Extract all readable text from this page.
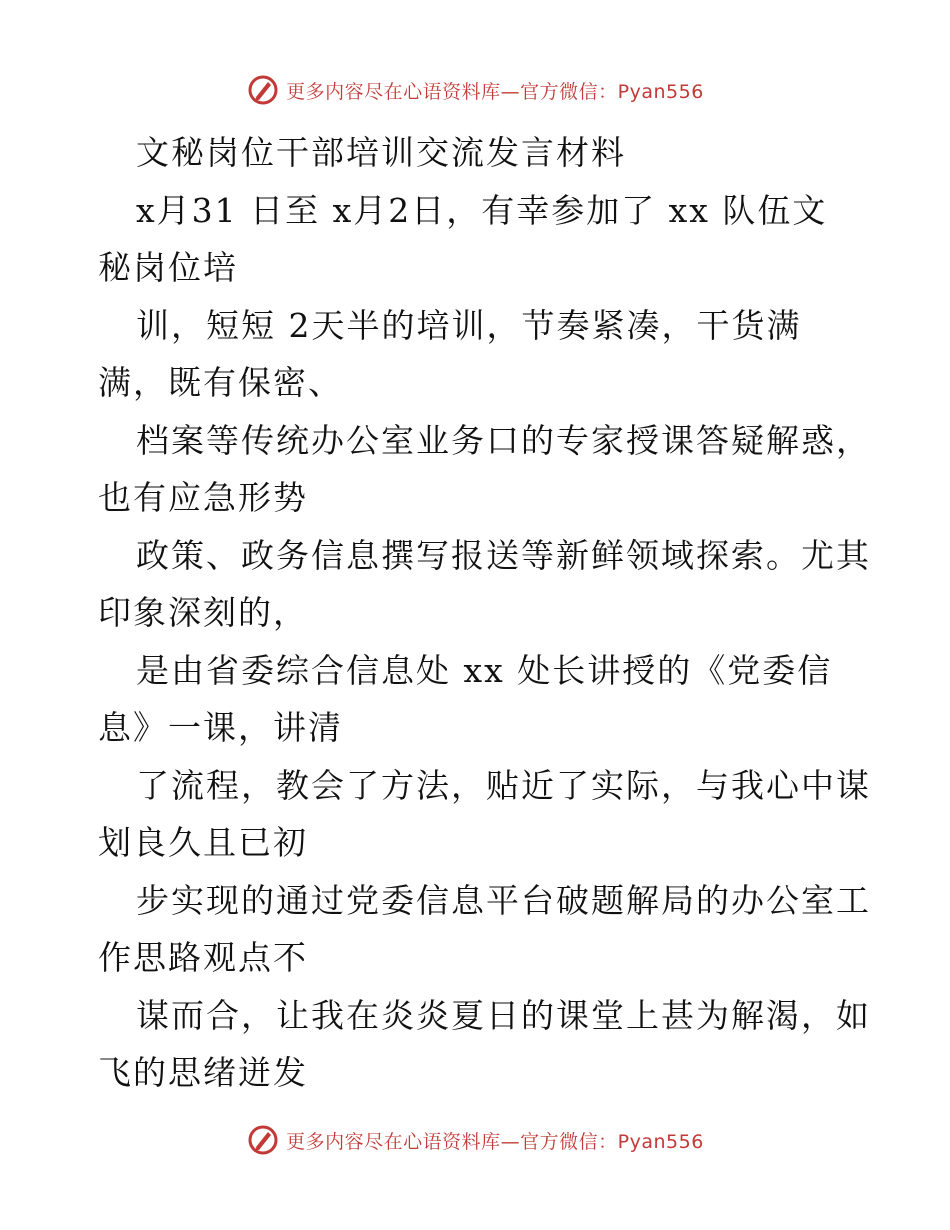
更多内容尽在心语资料库—官方微信：Pyan556
文秘岗位干部培训交流发言材料
x月31 日至 x月2日，有幸参加了 xx 队伍文
秘岗位培
训，短短 2天半的培训，节奏紧凑，干货满
满，既有保密、
档案等传统办公室业务口的专家授课答疑解惑，
也有应急形势
政策、政务信息撰写报送等新鲜领域探索。尤其
印象深刻的，
是由省委综合信息处 xx 处长讲授的《党委信
息》一课，讲清
了流程，教会了方法，贴近了实际，与我心中谋
划良久且已初
步实现的通过党委信息平台破题解局的办公室工
作思路观点不
谋而合，让我在炎炎夏日的课堂上甚为解渴，如
飞的思绪迸发
更多内容尽在心语资料库—官方微信：Pyan556
